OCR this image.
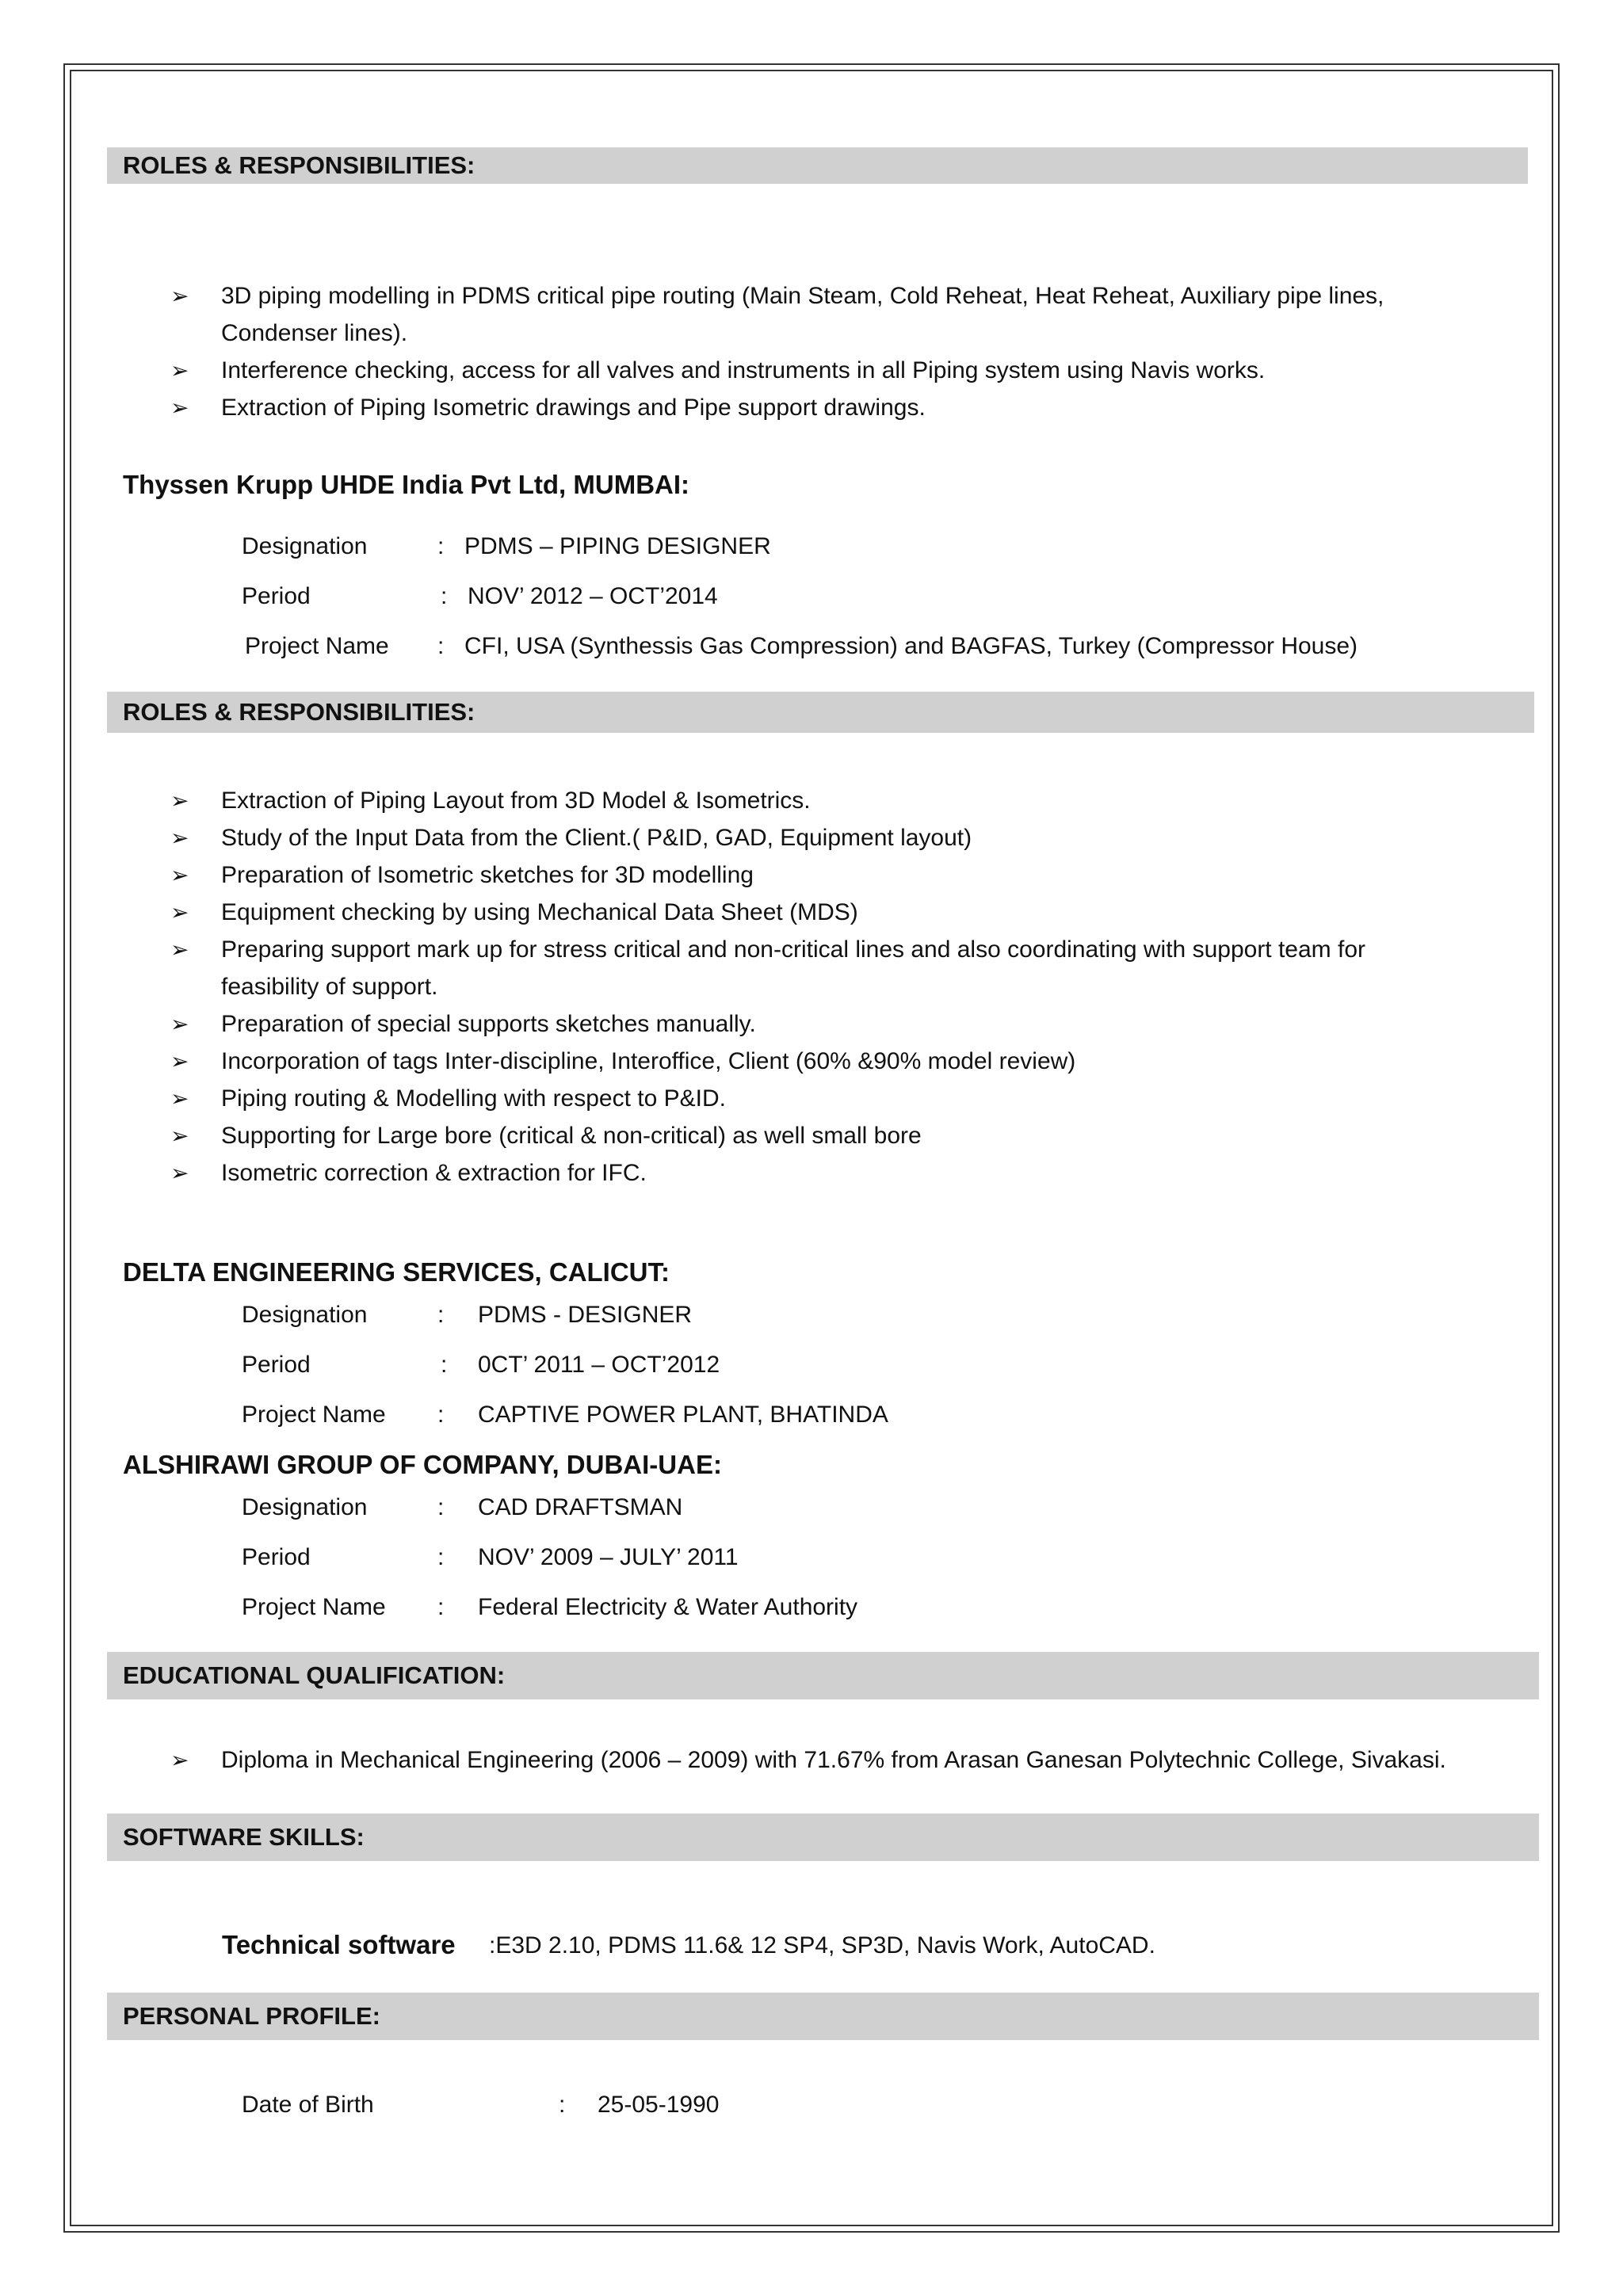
ROLES & RESPONSIBILITIES:
➢ 3D piping modelling in PDMS critical pipe routing (Main Steam, Cold Reheat, Heat Reheat, Auxiliary pipe lines,
Condenser lines).
➢ Interference checking, access for all valves and instruments in all Piping system using Navis works.
➢ Extraction of Piping Isometric drawings and Pipe support drawings.
Thyssen Krupp UHDE India Pvt Ltd, MUMBAI:
Designation	: PDMS – PIPING DESIGNER
Period	: NOV’ 2012 – OCT’2014
Project Name : CFI, USA (Synthessis Gas Compression) and BAGFAS, Turkey (Compressor House)
ROLES & RESPONSIBILITIES:
➢ Extraction of Piping Layout from 3D Model & Isometrics.
➢ Study of the Input Data from the Client.( P&ID, GAD, Equipment layout)
➢ Preparation of Isometric sketches for 3D modelling
➢ Equipment checking by using Mechanical Data Sheet (MDS)
➢ Preparing support mark up for stress critical and non-critical lines and also coordinating with support team for
feasibility of support.
➢ Preparation of special supports sketches manually.
➢ Incorporation of tags Inter-discipline, Interoffice, Client (60% &90% model review)
➢ Piping routing & Modelling with respect to P&ID.
➢ Supporting for Large bore (critical & non-critical) as well small bore
➢ Isometric correction & extraction for IFC.
DELTA ENGINEERING SERVICES, CALICUT:
Designation	: PDMS - DESIGNER
Period	: 0CT’ 2011 – OCT’2012
Project Name : CAPTIVE POWER PLANT, BHATINDA
ALSHIRAWI GROUP OF COMPANY, DUBAI-UAE:
Designation	: CAD DRAFTSMAN
Period	: NOV’ 2009 – JULY’ 2011
Project Name : Federal Electricity & Water Authority
EDUCATIONAL QUALIFICATION:
➢ Diploma in Mechanical Engineering (2006 – 2009) with 71.67% from Arasan Ganesan Polytechnic College, Sivakasi.
SOFTWARE SKILLS:
Technical software :E3D 2.10, PDMS 11.6& 12 SP4, SP3D, Navis Work, AutoCAD.
PERSONAL PROFILE:
Date of Birth	: 25-05-1990
